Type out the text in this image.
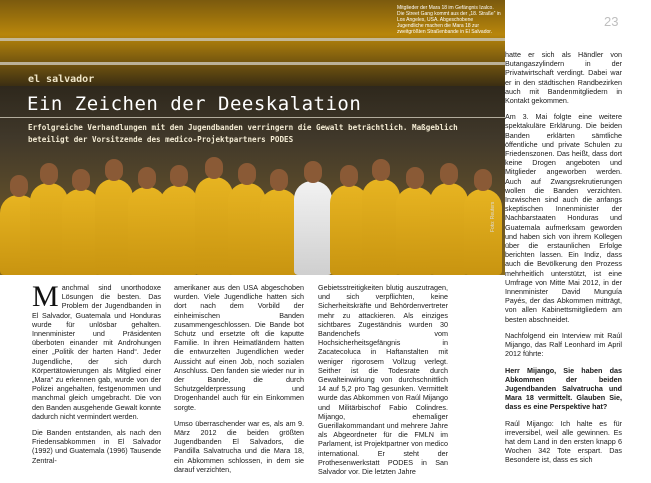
Mitglieder der Mara 18 im Gefängnis Izalco. Die Street Gang kommt aus der „18. Straße“ in Los Angeles, USA. Abgeschobene Jugendliche machen die Mara 18 zur zweitgrößten Straßenbande in El Salvador.
Foto: Reuters
el salvador
Ein Zeichen der Deeskalation
Erfolgreiche Verhandlungen mit den Jugendbanden verringern die Gewalt beträchtlich. Maßgeblich beteiligt der Vorsitzende des medico-Projektpartners PODES
23

Manchmal sind unorthodoxe Lösungen die besten. Das Problem der Jugendbanden in El Salvador, Guatemala und Honduras wurde für unlösbar gehalten. Innenminister und Präsidenten überboten einander mit Androhungen einer „Politik der harten Hand“. Jeder Jugendliche, der sich durch Körpertätowierungen als Mitglied einer „Mara“ zu erkennen gab, wurde von der Polizei angehalten, festgenommen und manchmal gleich umgebracht. Die von den Banden ausgehende Gewalt konnte dadurch nicht vermindert werden.

Die Banden entstanden, als nach den Friedensabkommen in El Salvador (1992) und Guatemala (1996) Tausende Zentral-

amerikaner aus den USA abgeschoben wurden. Viele Jugendliche hatten sich dort nach dem Vorbild der einheimischen Banden zusammengeschlossen. Die Bande bot Schutz und ersetzte oft die kaputte Familie. In ihren Heimatländern hatten die entwurzelten Jugendlichen weder Aussicht auf einen Job, noch sozialen Anschluss. Den fanden sie wieder nur in der Bande, die durch Schutzgelderpressung und Drogenhandel auch für ein Einkommen sorgte.

Umso überraschender war es, als am 9. März 2012 die beiden größten Jugendbanden El Salvadors, die Pandilla Salvatrucha und die Mara 18, ein Abkommen schlossen, in dem sie darauf verzichten,

Gebietsstreitigkeiten blutig auszutragen, und sich verpflichten, keine Sicherheitskräfte und Behördenvertreter mehr zu attackieren. Als einziges sichtbares Zugeständnis wurden 30 Bandenchefs vom Hochsicherheitsgefängnis in Zacatecoluca in Haftanstalten mit weniger rigorosem Vollzug verlegt. Seither ist die Todesrate durch Gewalteinwirkung von durchschnittlich 14 auf 5,2 pro Tag gesunken. Vermittelt wurde das Abkommen von Raúl Mijango und Militärbischof Fabio Colindres. Mijango, ehemaliger Guerillakommandant und mehrere Jahre als Abgeordneter für die FMLN im Parlament, ist Projektpartner von medico international. Er steht der Prothesenwerkstatt PODES in San Salvador vor. Die letzten Jahre

hatte er sich als Händler von Butangaszylindern in der Privatwirtschaft verdingt. Dabei war er in den städtischen Randbezirken auch mit Bandenmitgliedern in Kontakt gekommen.

Am 3. Mai folgte eine weitere spektakuläre Erklärung. Die beiden Banden erklärten sämtliche öffentliche und private Schulen zu Friedenszonen. Das heißt, dass dort keine Drogen angeboten und Mitglieder angeworben werden. Auch auf Zwangsrekrutierungen wollen die Banden verzichten. Inzwischen sind auch die anfangs skeptischen Innenminister der Nachbarstaaten Honduras und Guatemala aufmerksam geworden und haben sich von ihrem Kollegen über die erstaunlichen Erfolge berichten lassen. Ein Indiz, dass auch die Bevölkerung den Prozess mehrheitlich unterstützt, ist eine Umfrage von Mitte Mai 2012, in der Innenminister David Munguía Payés, der das Abkommen mitträgt, von allen Kabinettsmitgliedern am besten abschneidet.

Nachfolgend ein Interview mit Raúl Mijango, das Ralf Leonhard im April 2012 führte:

Herr Mijango, Sie haben das Abkommen der beiden Jugendbanden Salvatrucha und Mara 18 vermittelt. Glauben Sie, dass es eine Perspektive hat?

Raúl Mijango: Ich halte es für irreversibel, weil alle gewinnen. Es hat dem Land in den ersten knapp 6 Wochen 342 Tote erspart. Das Besondere ist, dass es sich
